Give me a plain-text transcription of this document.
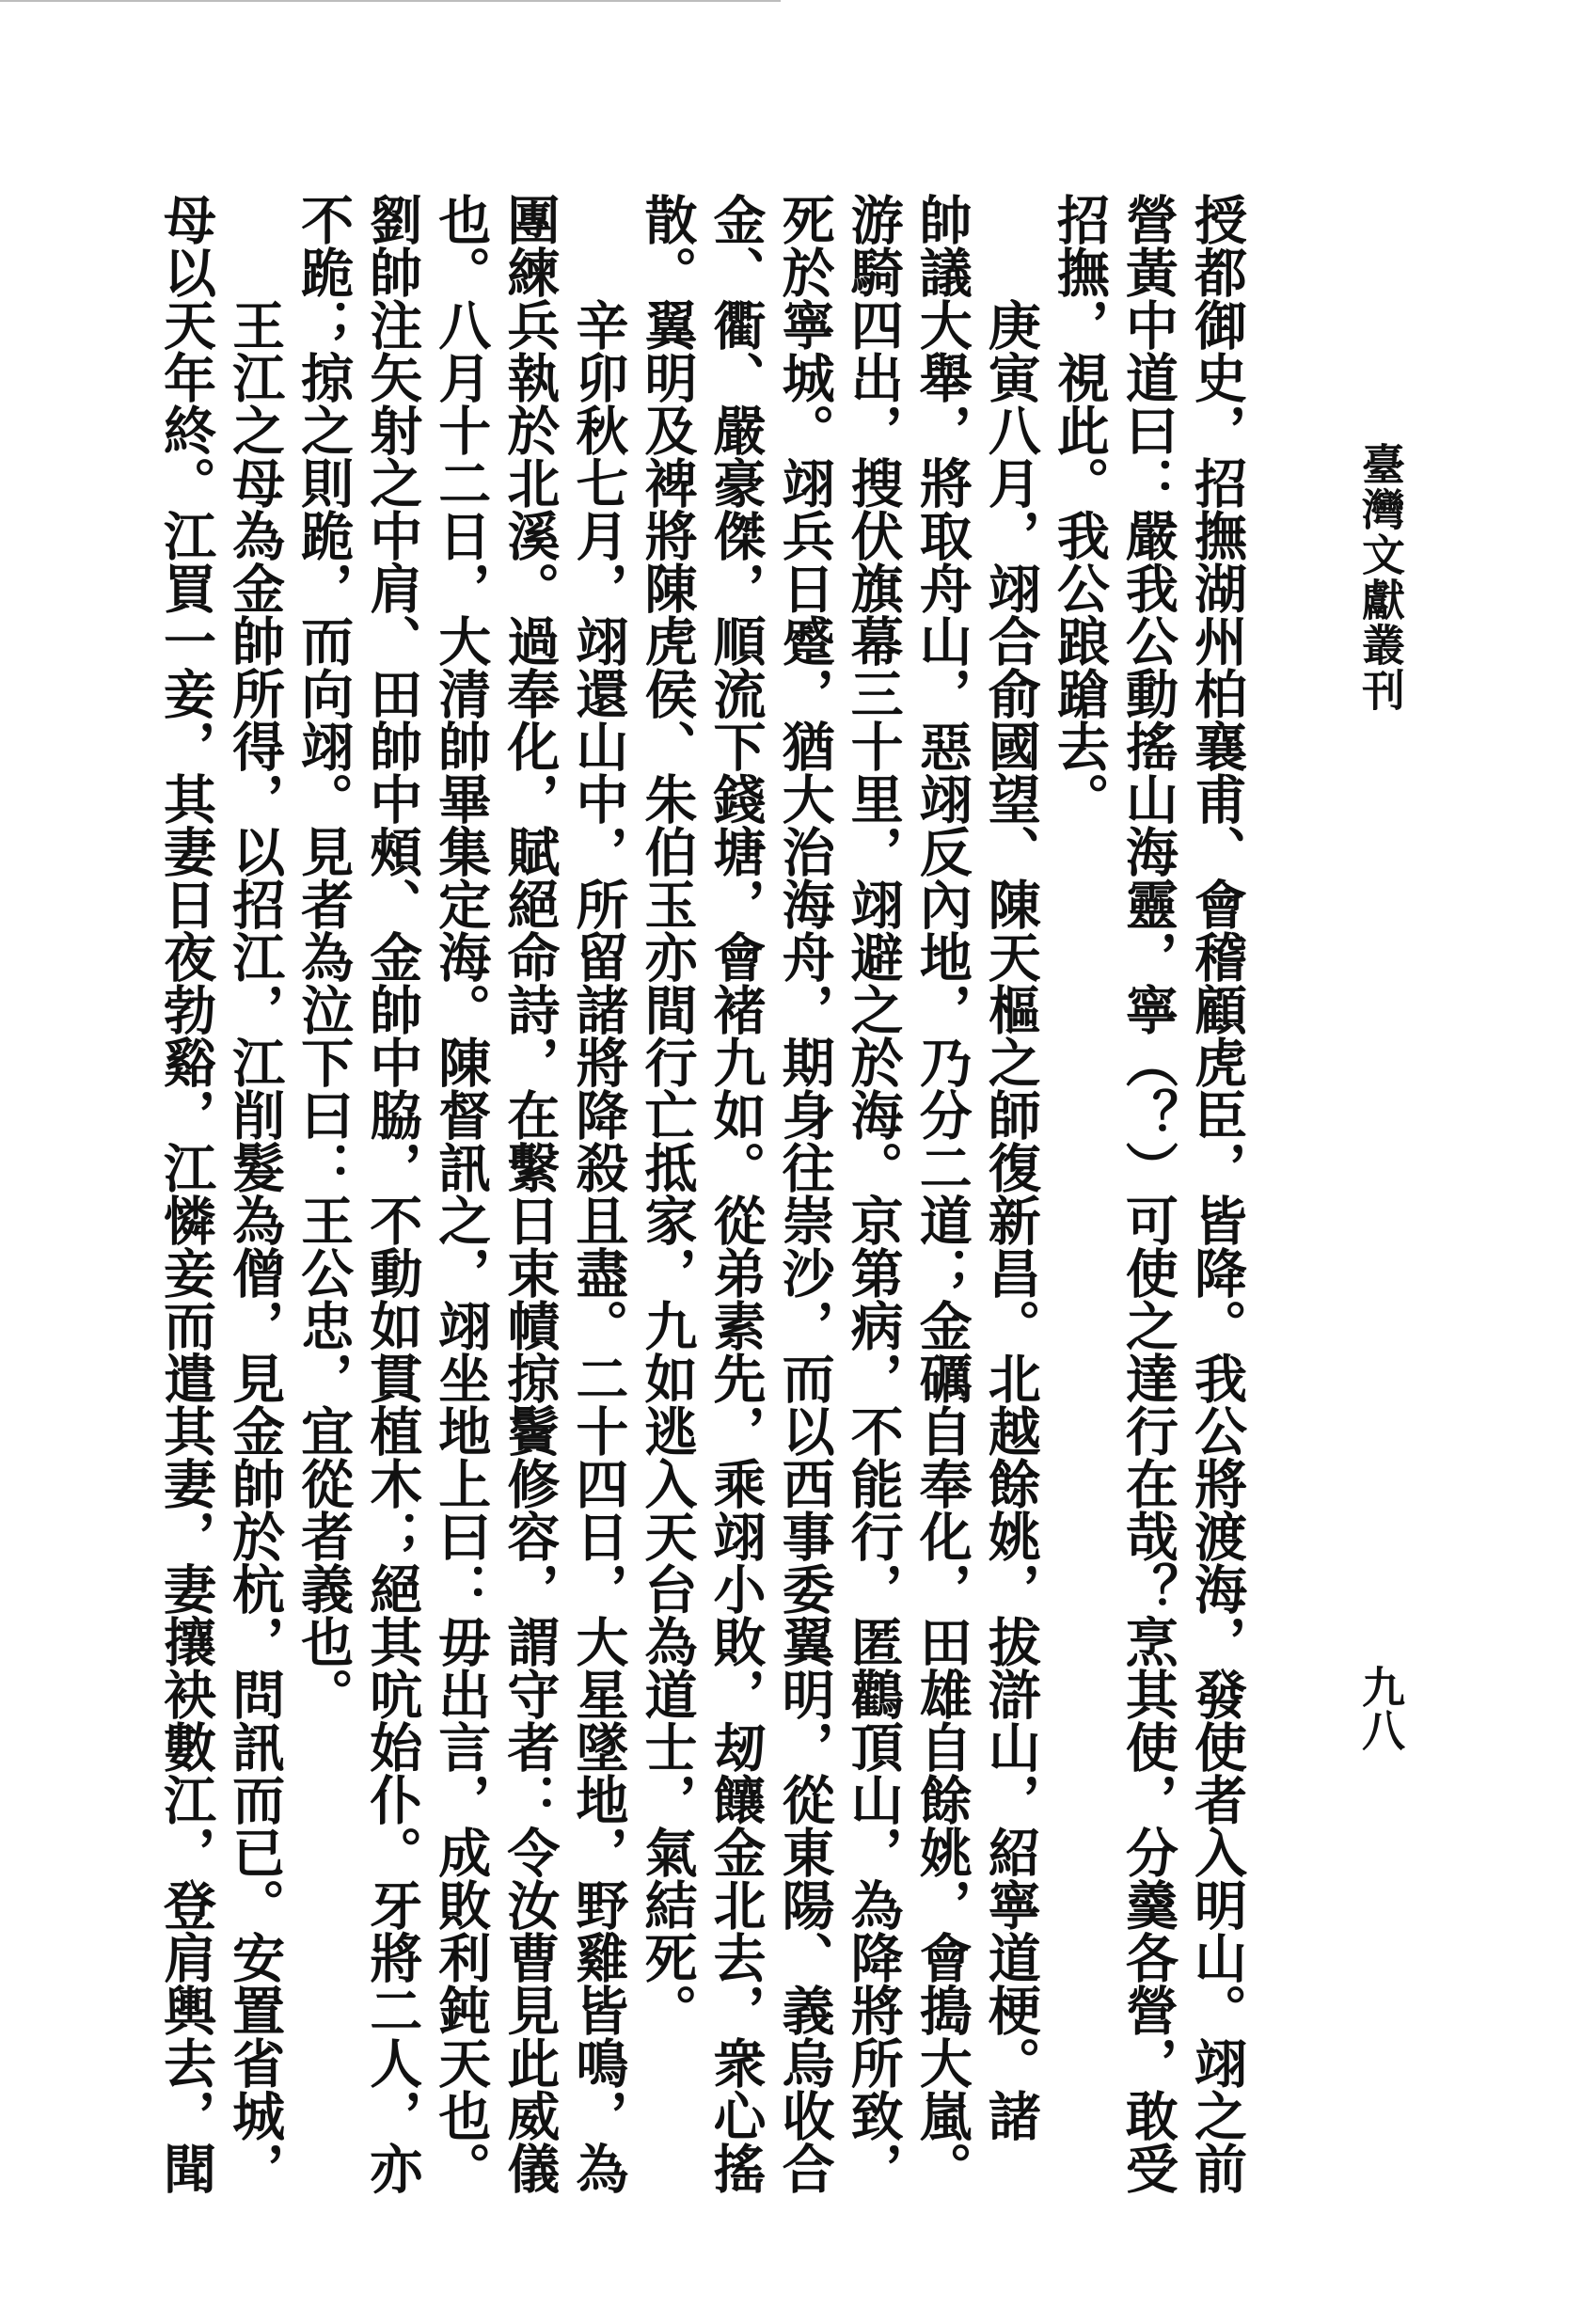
臺灣文獻叢刊
九八
授都御史，招撫湖州柏襄甫、會稽顧虎臣，皆降。我公將渡海，發使者入明山。翊之前
營黃中道曰：嚴我公動搖山海靈，寧（？）可使之達行在哉？烹其使，分羹各營，敢受
招撫，視此。我公踉蹌去。
庚寅八月，翊合俞國望、陳天樞之師復新昌。北越餘姚，拔滸山，紹寧道梗。諸
帥議大舉，將取舟山，惡翊反內地，乃分二道；金礪自奉化，田雄自餘姚，會搗大嵐。
游騎四出，搜伏旗幕三十里，翊避之於海。京第病，不能行，匿鸛頂山，為降將所致，
死於寧城。翊兵日蹙，猶大治海舟，期身往崇沙，而以西事委翼明，從東陽、義烏收合
金、衢、嚴豪傑，順流下錢塘，會褚九如。從弟素先，乘翊小敗，刼饟金北去，衆心搖
散。翼明及裨將陳虎侯、朱伯玉亦間行亡抵家，九如逃入天台為道士，氣結死。
辛卯秋七月，翊還山中，所留諸將降殺且盡。二十四日，大星墜地，野雞皆鳴，為
團練兵執於北溪。過奉化，賦絕命詩，在繫日束幘掠鬢修容，謂守者：令汝曹見此威儀
也。八月十二日，大清帥畢集定海。陳督訊之，翊坐地上曰：毋出言，成敗利鈍天也。
劉帥注矢射之中肩、田帥中頰、金帥中脇，不動如貫植木；絕其吭始仆。牙將二人，亦
不跪；掠之則跪，而向翊。見者為泣下曰：王公忠，宜從者義也。
王江之母為金帥所得，以招江，江削髮為僧，見金帥於杭，問訊而已。安置省城，
母以天年終。江買一妾，其妻日夜勃谿，江憐妾而遣其妻，妻攘袂數江，登肩輿去，聞
